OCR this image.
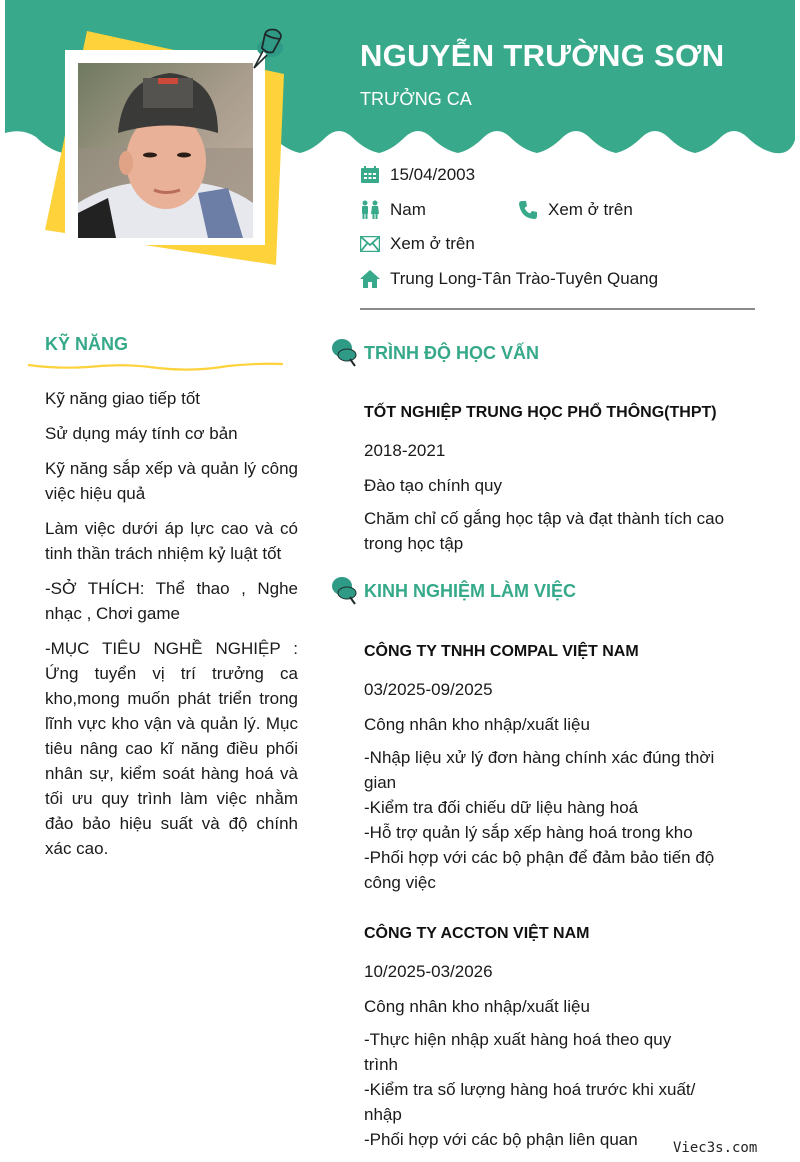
NGUYỄN TRƯỜNG SƠN
TRƯỞNG CA
15/04/2003
Nam	Xem ở trên
Xem ở trên
Trung Long-Tân Trào-Tuyên Quang
KỸ NĂNG

Kỹ năng giao tiếp tốt

Sử dụng máy tính cơ bản

Kỹ năng sắp xếp và quản lý công việc hiệu quả

Làm việc dưới áp lực cao và có tinh thần trách nhiệm kỷ luật tốt

-SỞ THÍCH: Thể thao , Nghe nhạc , Chơi game

-MỤC TIÊU NGHỀ NGHIỆP : Ứng tuyển vị trí trưởng ca kho,mong muốn phát triển trong lĩnh vực kho vận và quản lý. Mục tiêu nâng cao kĩ năng điều phối nhân sự, kiểm soát hàng hoá và tối ưu quy trình làm việc nhằm đảo bảo hiệu suất và độ chính xác cao.

TRÌNH ĐỘ HỌC VẤN
TỐT NGHIỆP TRUNG HỌC PHỔ THÔNG(THPT)
2018-2021
Đào tạo chính quy
Chăm chỉ cố gắng học tập và đạt thành tích cao trong học tập
KINH NGHIỆM LÀM VIỆC
CÔNG TY TNHH COMPAL VIỆT NAM
03/2025-09/2025
Công nhân kho nhập/xuất liệu
-Nhập liệu xử lý đơn hàng chính xác đúng thời gian
-Kiểm tra đối chiếu dữ liệu hàng hoá
-Hỗ trợ quản lý sắp xếp hàng hoá trong kho
-Phối hợp với các bộ phận để đảm bảo tiến độ công việc
CÔNG TY ACCTON VIỆT NAM
10/2025-03/2026
Công nhân kho nhập/xuất liệu
-Thực hiện nhập xuất hàng hoá theo quy trình
-Kiểm tra số lượng hàng hoá trước khi xuất/ nhập
-Phối hợp với các bộ phận liên quan	Viec3s.com
